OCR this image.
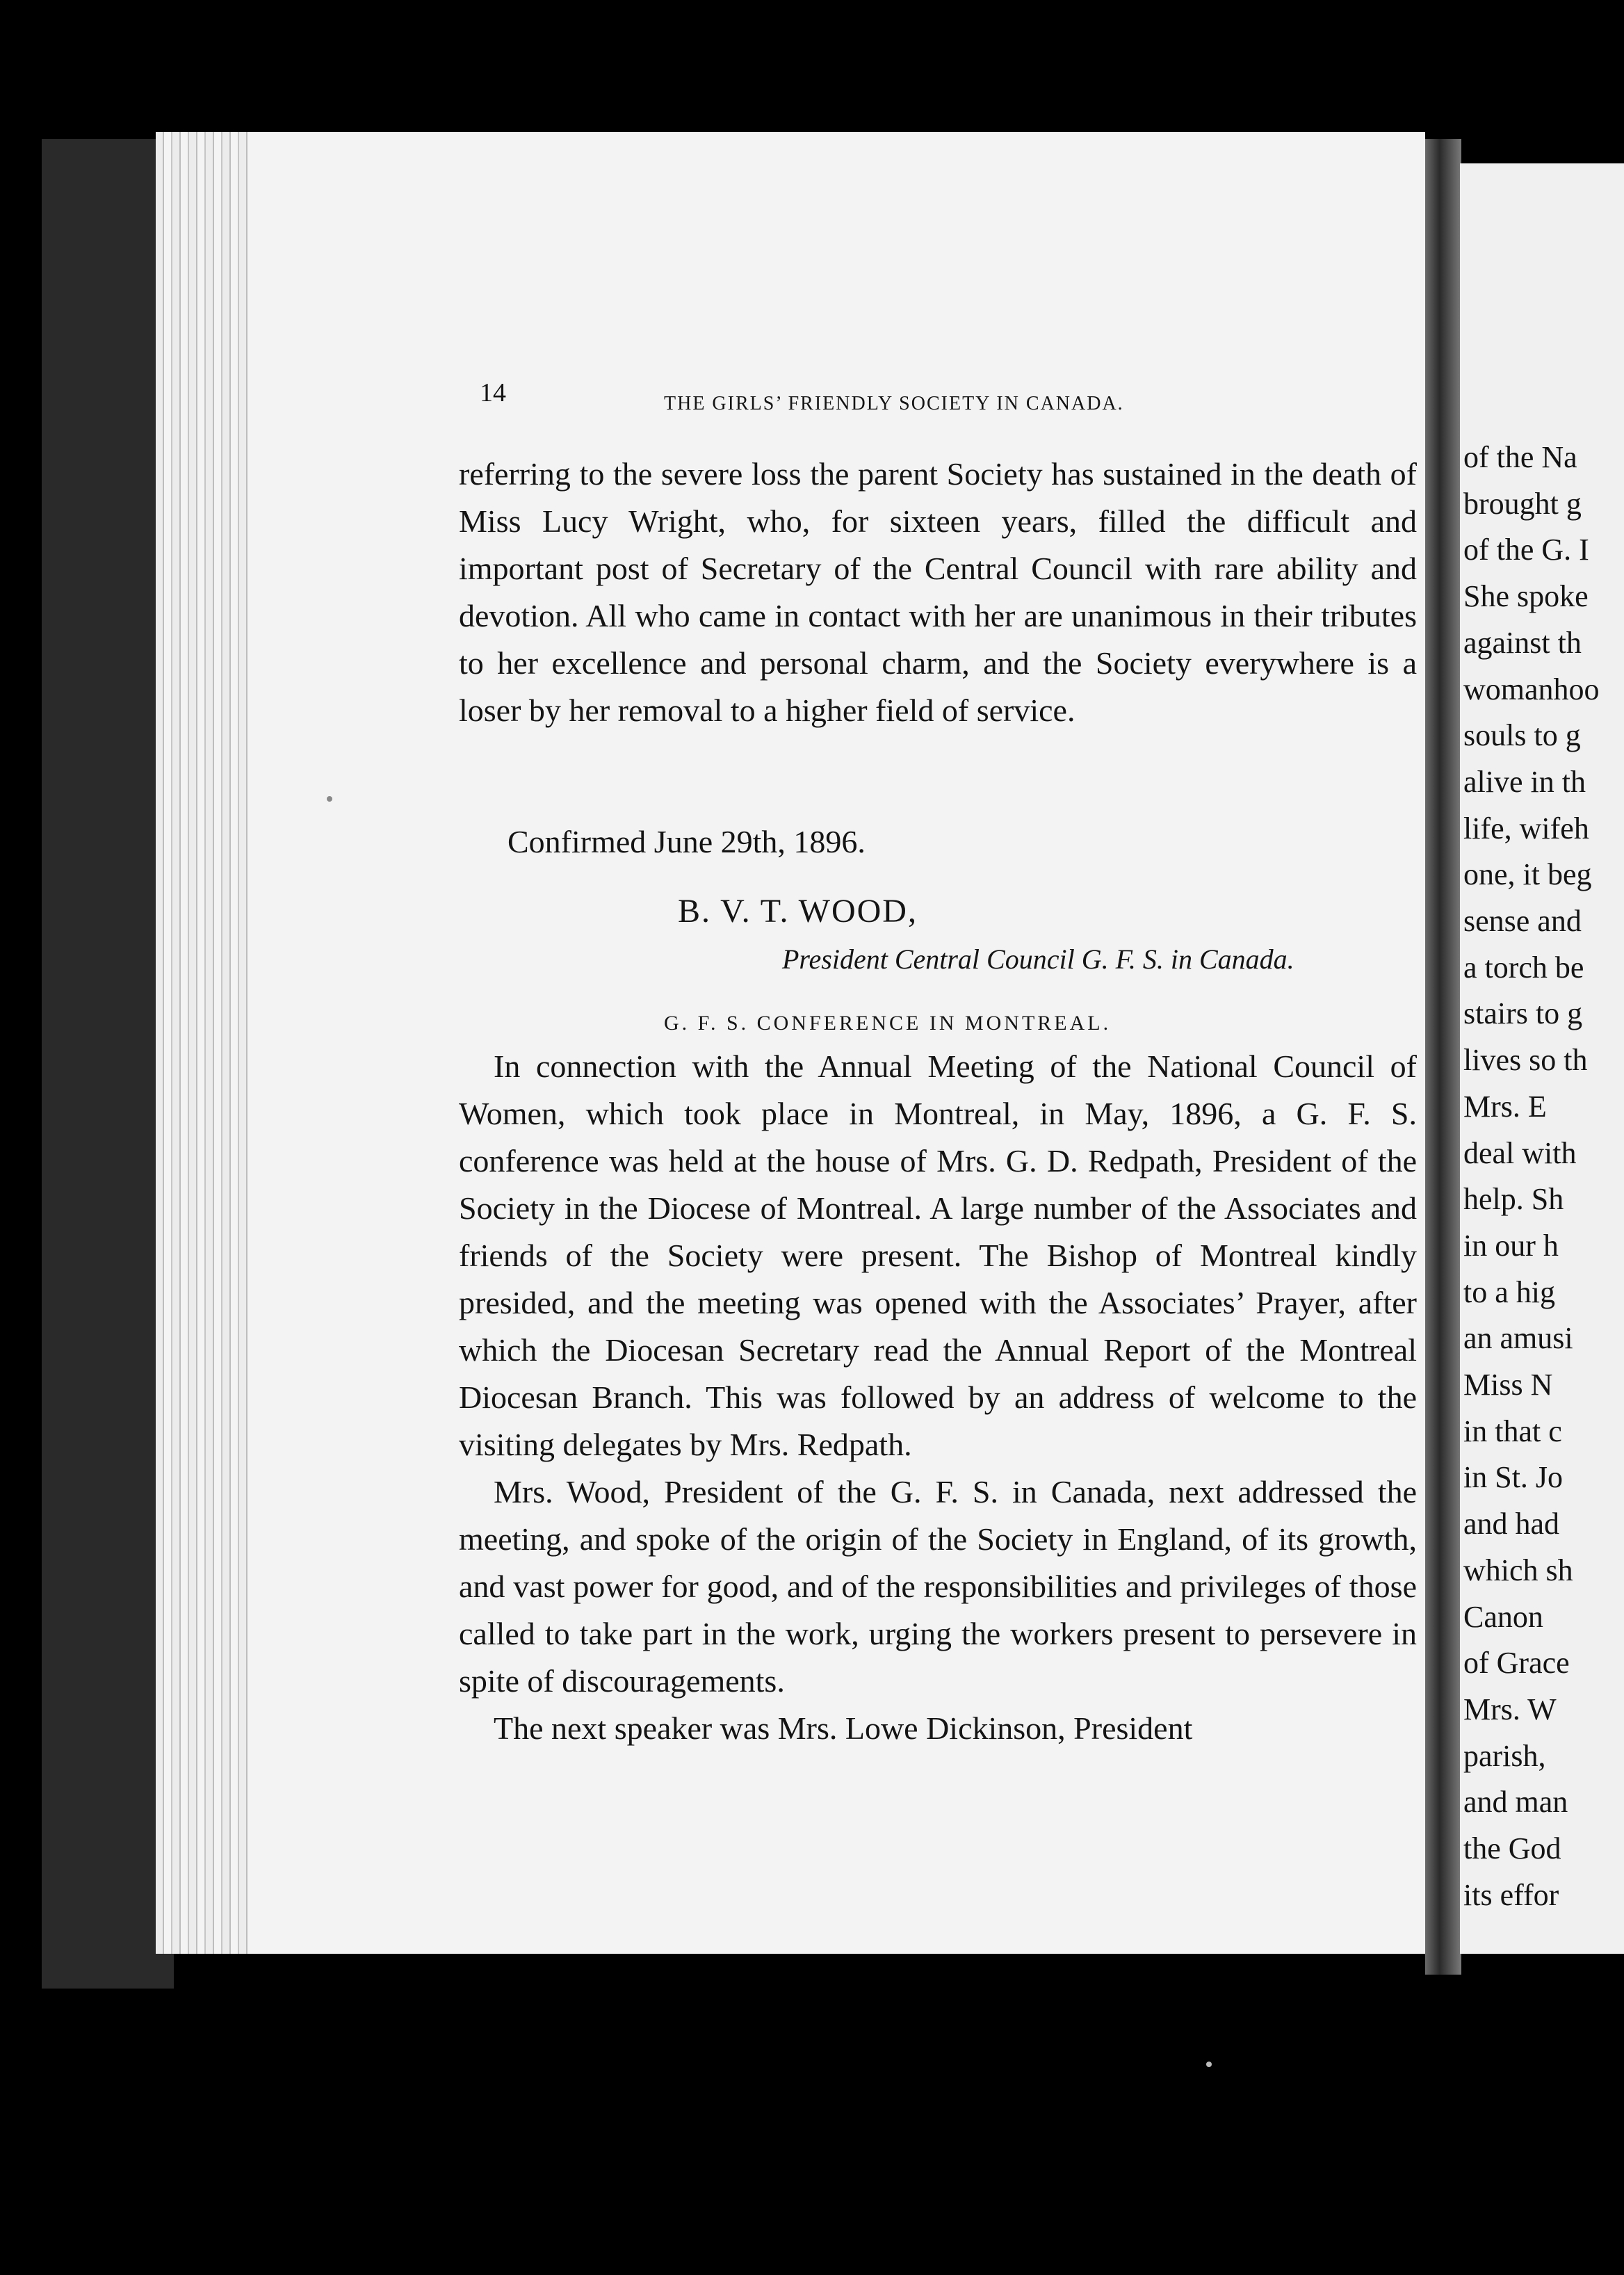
14	THE GIRLS’ FRIENDLY SOCIETY IN CANADA.

referring to the severe loss the parent Society has sustained in the death of Miss Lucy Wright, who, for sixteen years, filled the difficult and important post of Secretary of the Central Council with rare ability and devotion. All who came in contact with her are unanimous in their tributes to her excellence and personal charm, and the Society everywhere is a loser by her removal to a higher field of service.

Confirmed June 29th, 1896.

B. V. T. WOOD,

President Central Council G. F. S. in Canada.

G. F. S. CONFERENCE IN MONTREAL.

In connection with the Annual Meeting of the National Council of Women, which took place in Montreal, in May, 1896, a G. F. S. conference was held at the house of Mrs. G. D. Redpath, President of the Society in the Diocese of Montreal. A large number of the Associates and friends of the Society were present. The Bishop of Montreal kindly presided, and the meeting was opened with the Associates’ Prayer, after which the Diocesan Secretary read the Annual Report of the Montreal Diocesan Branch. This was followed by an address of welcome to the visiting delegates by Mrs. Redpath.

Mrs. Wood, President of the G. F. S. in Canada, next addressed the meeting, and spoke of the origin of the Society in England, of its growth, and vast power for good, and of the responsibilities and privileges of those called to take part in the work, urging the workers present to persevere in spite of discouragements.

The next speaker was Mrs. Lowe Dickinson, President

of the Na

brought g

of the G. I

She spoke

against th

womanhoo

souls to g

alive in th

life, wifeh

one, it beg

sense and

a torch be

stairs to g

lives so th

Mrs. E

deal with

help. Sh

in our h

to a hig

an amusi

Miss N

in that c

in St. Jo

and had

which sh

Canon

of Grace

Mrs. W

parish,

and man

the God

its effor
